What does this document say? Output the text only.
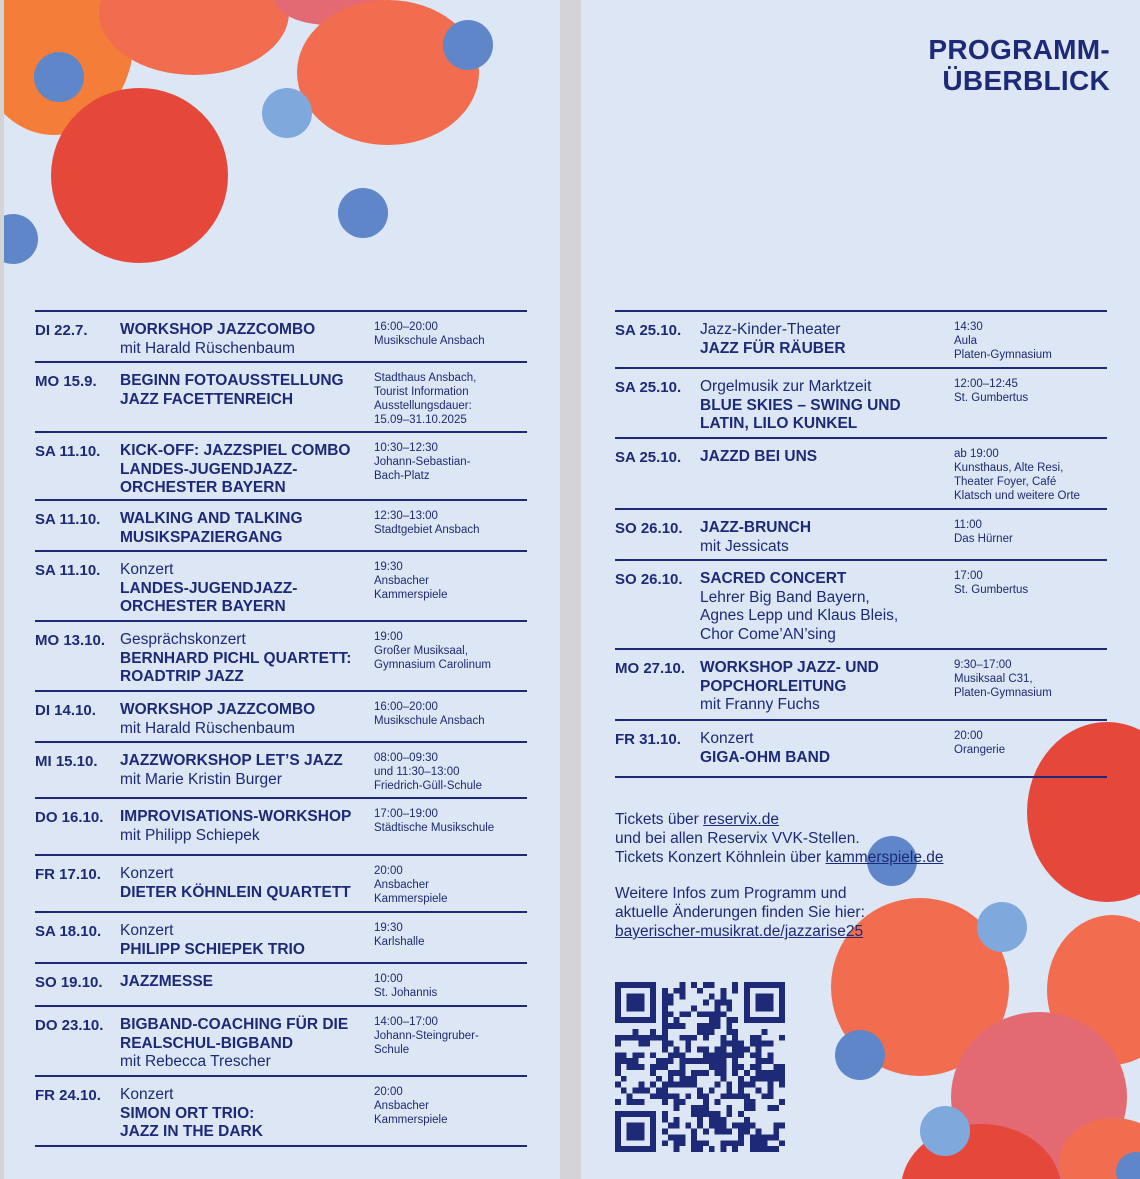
DI 22.7. WORKSHOP JAZZCOMBO
mit Harald Rüschenbaum
16:00–20:00
Musikschule Ansbach
MO 15.9. BEGINN FOTOAUSSTELLUNG
JAZZ FACETTENREICH
Stadthaus Ansbach,
Tourist Information
Ausstellungsdauer:
15.09–31.10.2025
SA 11.10. KICK-OFF: JAZZSPIEL COMBO
LANDES-JUGENDJAZZ-
ORCHESTER BAYERN
10:30–12:30
Johann-Sebastian-
Bach-Platz
SA 11.10. WALKING AND TALKING
MUSIKSPAZIERGANG
12:30–13:00
Stadtgebiet Ansbach
SA 11.10. Konzert
LANDES-JUGENDJAZZ-
ORCHESTER BAYERN
19:30
Ansbacher
Kammerspiele
MO 13.10. Gesprächskonzert
BERNHARD PICHL QUARTETT:
ROADTRIP JAZZ
19:00
Großer Musiksaal,
Gymnasium Carolinum
DI 14.10. WORKSHOP JAZZCOMBO
mit Harald Rüschenbaum
16:00–20:00
Musikschule Ansbach
MI 15.10. JAZZWORKSHOP LET’S JAZZ
mit Marie Kristin Burger
08:00–09:30
und 11:30–13:00
Friedrich-Güll-Schule
DO 16.10. IMPROVISATIONS-WORKSHOP
mit Philipp Schiepek
17:00–19:00
Städtische Musikschule
FR 17.10. Konzert
DIETER KÖHNLEIN QUARTETT
20:00
Ansbacher
Kammerspiele
SA 18.10. Konzert
PHILIPP SCHIEPEK TRIO
19:30
Karlshalle
SO 19.10. JAZZMESSE	10:00
St. Johannis
DO 23.10. BIGBAND-COACHING FÜR DIE
REALSCHUL-BIGBAND
mit Rebecca Trescher
14:00–17:00
Johann-Steingruber-
Schule
FR 24.10. Konzert
SIMON ORT TRIO:
JAZZ IN THE DARK
20:00
Ansbacher
Kammerspiele
PROGRAMM-
ÜBERBLICK
SA 25.10. Jazz-Kinder-Theater
JAZZ FÜR RÄUBER
14:30
Aula
Platen-Gymnasium
SA 25.10. Orgelmusik zur Marktzeit
BLUE SKIES – SWING UND
LATIN, LILO KUNKEL
12:00–12:45
St. Gumbertus
SA 25.10. JAZZD BEI UNS	ab 19:00
Kunsthaus, Alte Resi,
Theater Foyer, Café
Klatsch und weitere Orte
SO 26.10. JAZZ-BRUNCH
mit Jessicats
11:00
Das Hürner
SO 26.10. SACRED CONCERT
Lehrer Big Band Bayern,
Agnes Lepp und Klaus Bleis,
Chor Come’AN’sing
17:00
St. Gumbertus
MO 27.10. WORKSHOP JAZZ- UND
POPCHORLEITUNG
mit Franny Fuchs
9:30–17:00
Musiksaal C31,
Platen-Gymnasium
FR 31.10. Konzert
GIGA-OHM BAND
20:00
Orangerie
Tickets über reservix.de
und bei allen Reservix VVK-Stellen.
Tickets Konzert Köhnlein über kammerspiele.de
Weitere Infos zum Programm und
aktuelle Änderungen finden Sie hier:
bayerischer-musikrat.de/jazzarise25
